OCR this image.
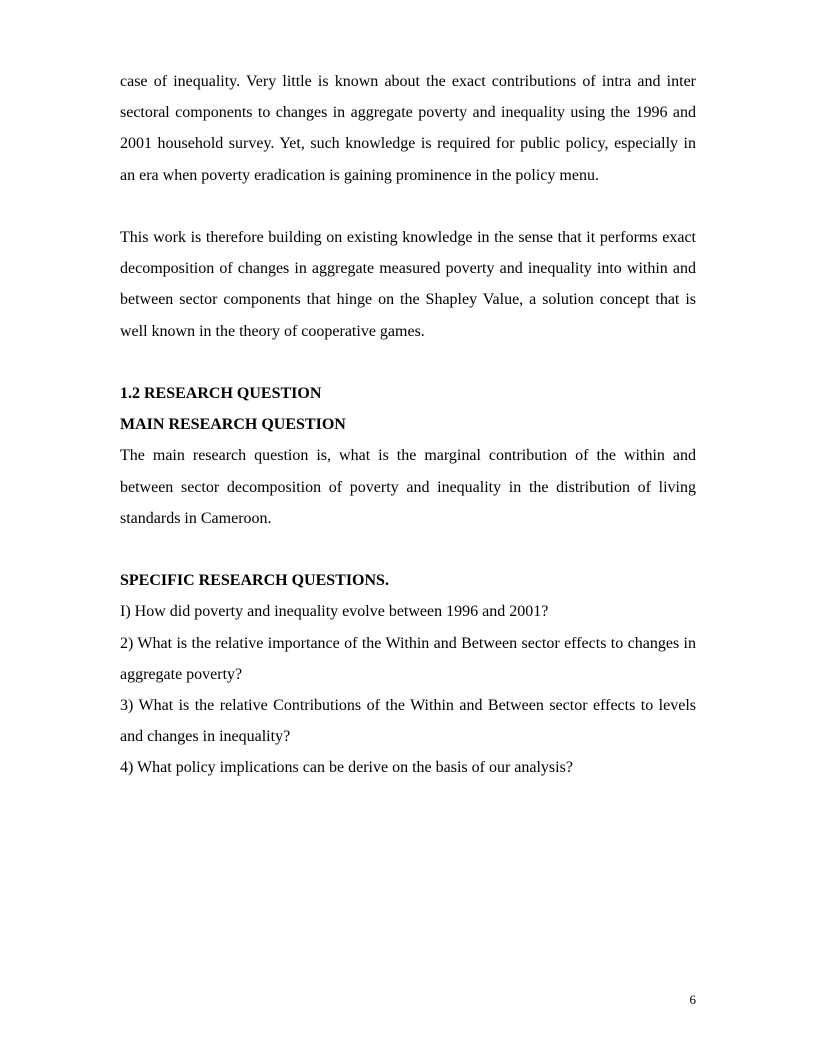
case of inequality. Very little is known about the exact contributions of intra and inter sectoral components to changes in aggregate poverty and inequality using the 1996 and 2001 household survey. Yet, such knowledge is required for public policy, especially in an era when poverty eradication is gaining prominence in the policy menu.

This work is therefore building on existing knowledge in the sense that it performs exact decomposition of changes in aggregate measured poverty and inequality into within and between sector components that hinge on the Shapley Value, a solution concept that is well known in the theory of cooperative games.

1.2 RESEARCH QUESTION

MAIN RESEARCH QUESTION

The main research question is, what is the marginal contribution of the within and between sector decomposition of poverty and inequality in the distribution of living standards in Cameroon.

SPECIFIC RESEARCH QUESTIONS.

I) How did poverty and inequality evolve between 1996 and 2001?

2) What is the relative importance of the Within and Between sector effects to changes in aggregate poverty?

3) What is the relative Contributions of the Within and Between sector effects to levels and changes in inequality?

4) What policy implications can be derive on the basis of our analysis?

6
